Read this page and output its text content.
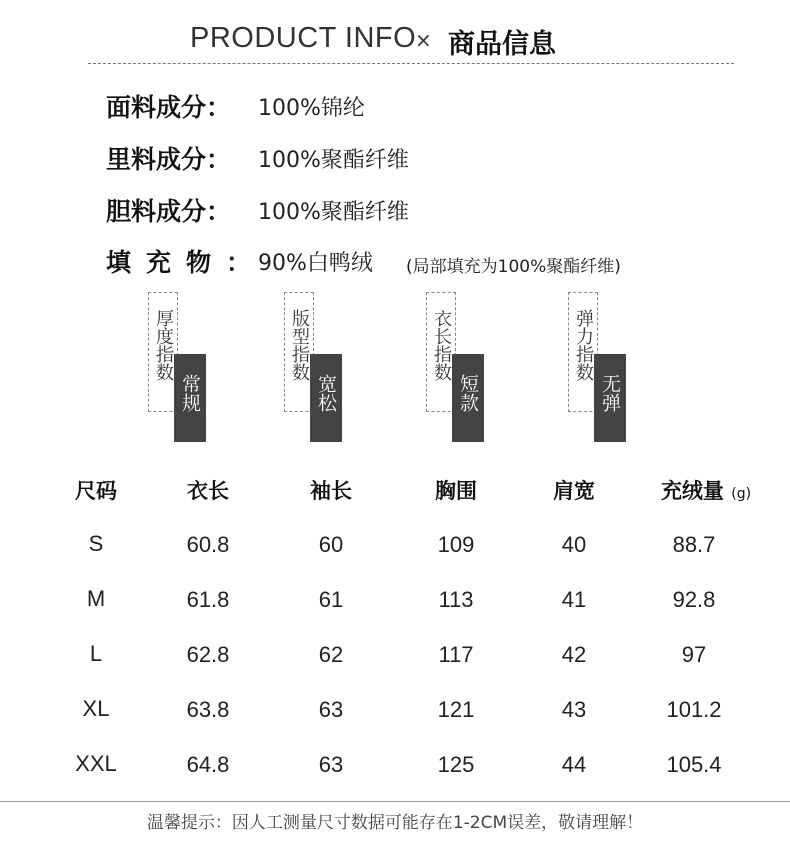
PRODUCT INFO
× 商品信息
面料成分： 100%锦纶
里料成分： 100%聚酯纤维
胆料成分： 100%聚酯纤维
填充物：
90%白鸭绒 (局部填充为100%聚酯纤维)
厚度指数
常规
版型指数
宽松
衣长指数
短款
弹力指数
无弹
尺码	衣长	袖长	胸围	肩宽	充绒量 (g)
S	60.8	60	109	40	88.7
M	61.8	61	113	41	92.8
L	62.8	62	117	42	97
XL	63.8	63	121	43	101.2
XXL	64.8	63	125	44	105.4
温馨提示：因人工测量尺寸数据可能存在1-2CM误差，敬请理解！
